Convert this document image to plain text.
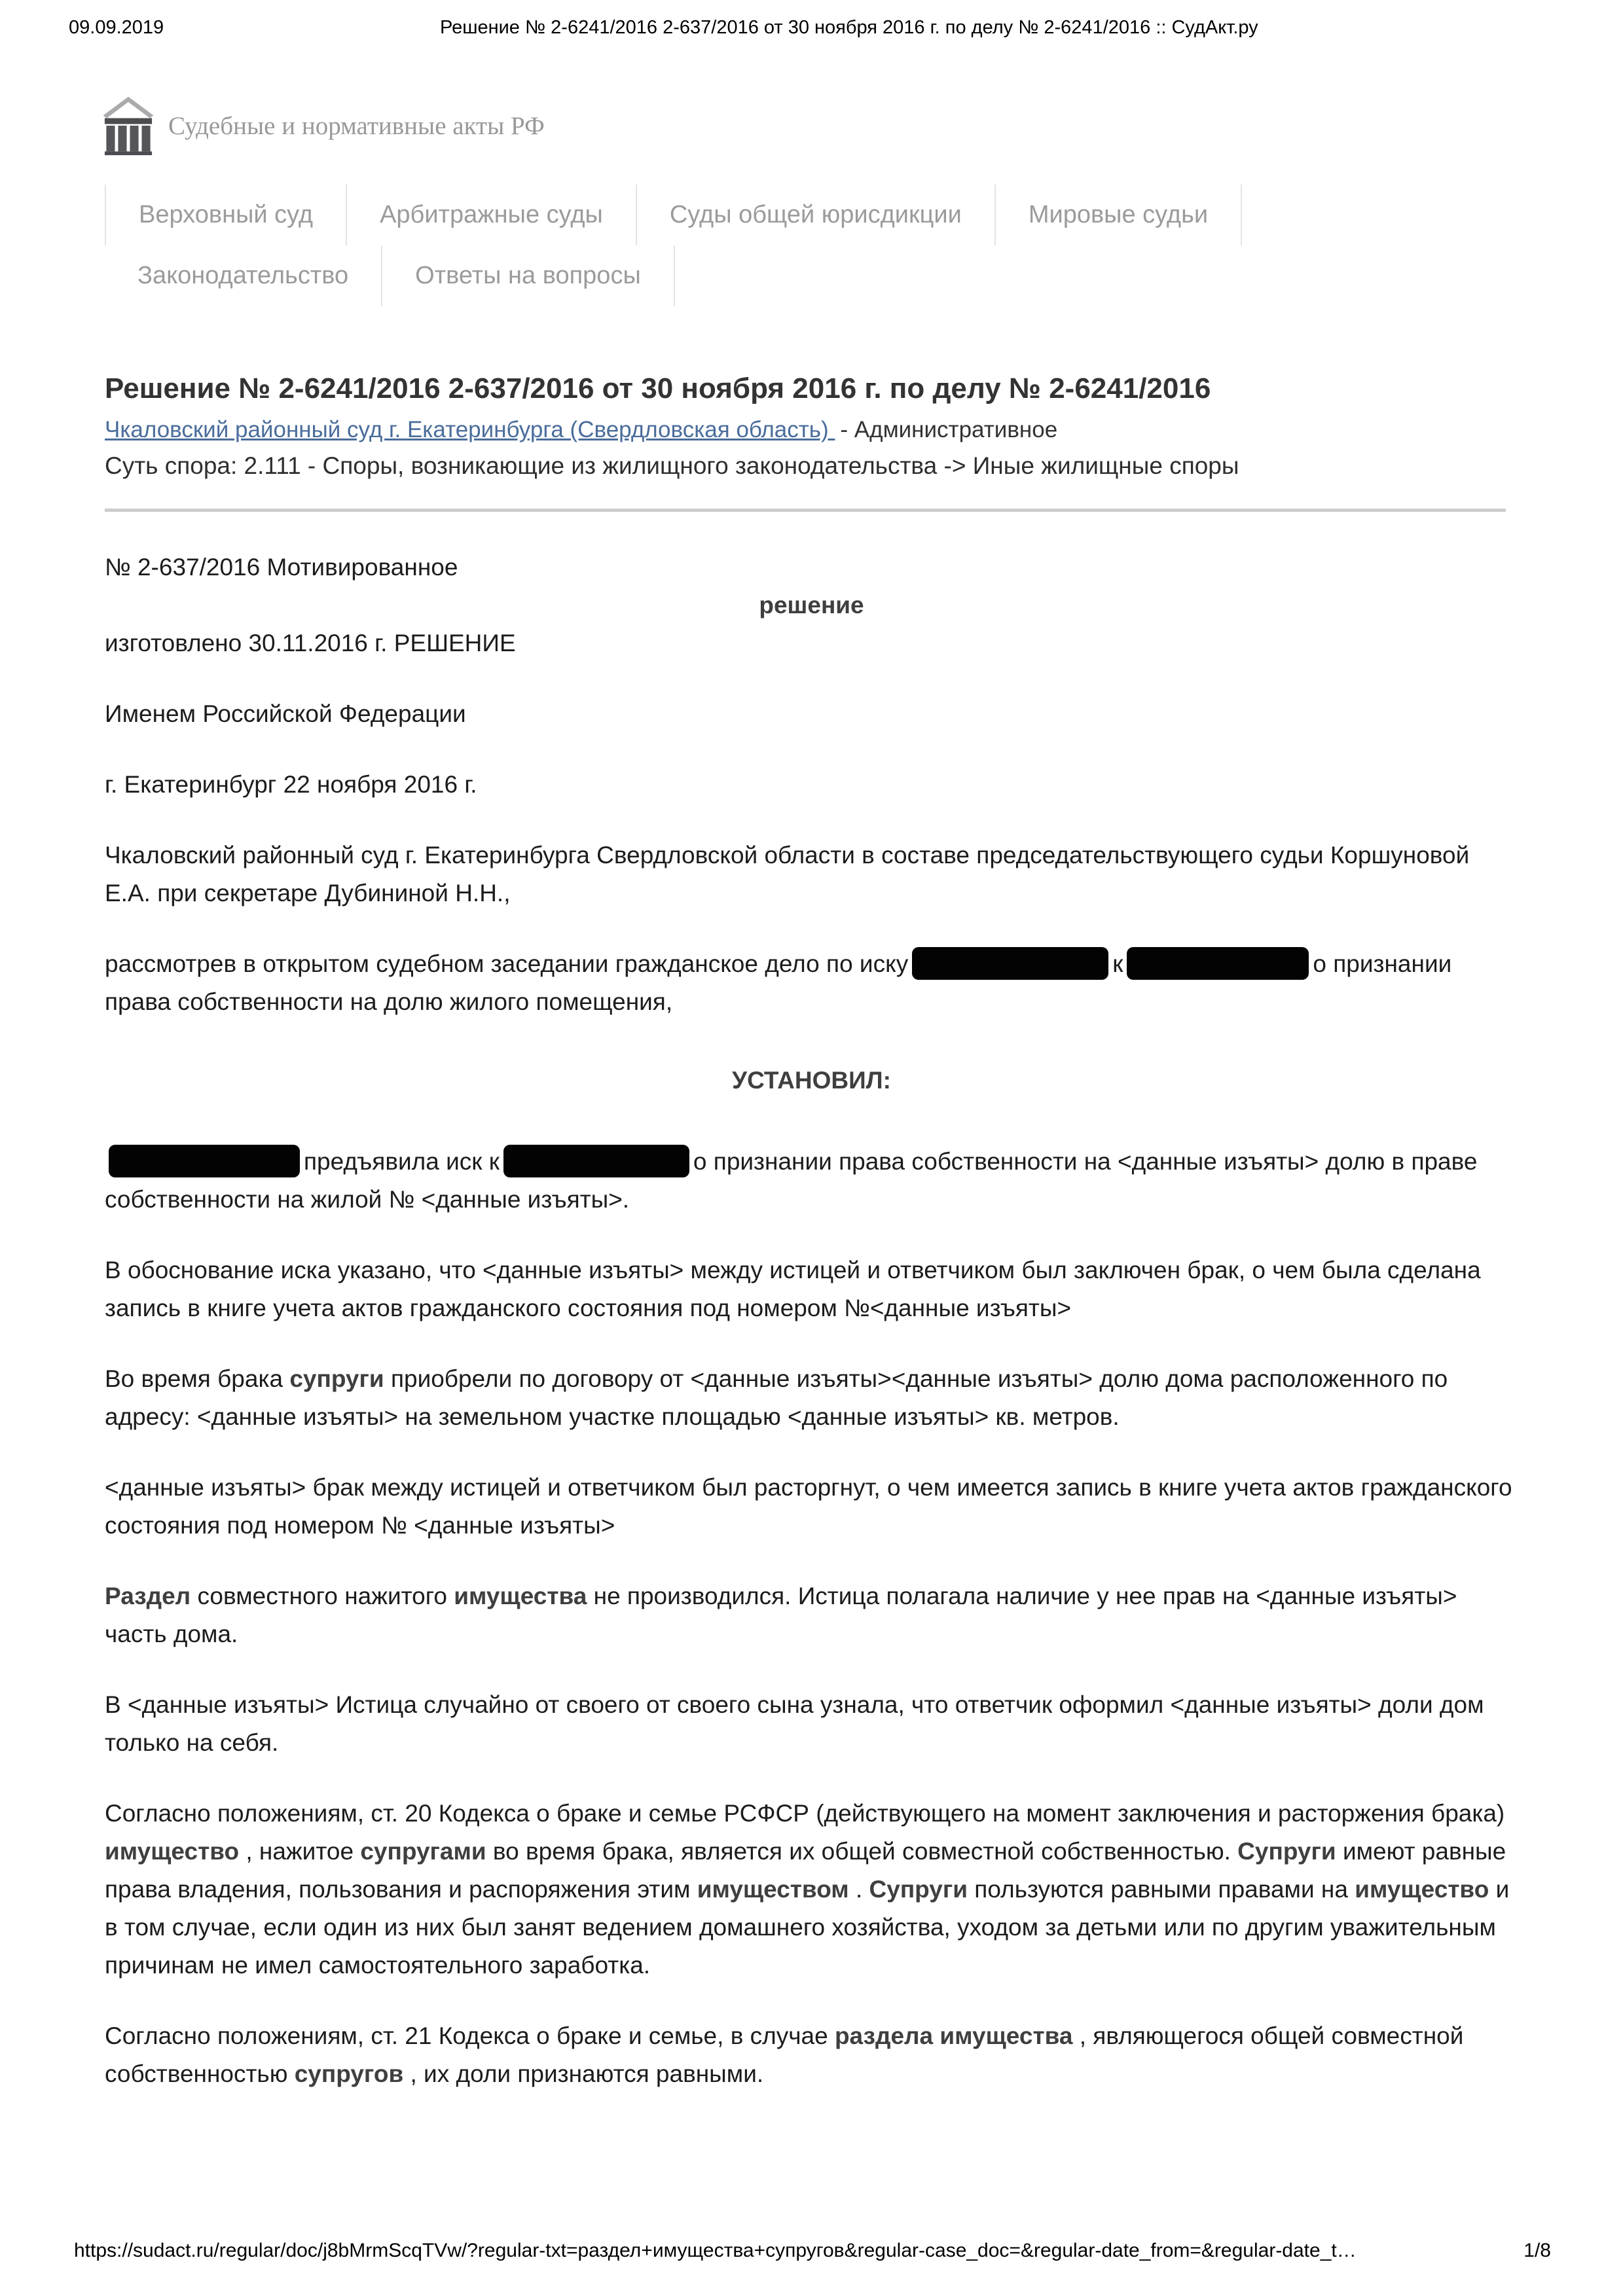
09.09.2019	Решение № 2-6241/2016 2-637/2016 от 30 ноября 2016 г. по делу № 2-6241/2016 :: СудАкт.ру
Судебные и нормативные акты РФ
Верховный суд	Арбитражные суды	Суды общей юрисдикции	Мировые судьи
Законодательство	Ответы на вопросы
Решение № 2-6241/2016 2-637/2016 от 30 ноября 2016 г. по делу № 2-6241/2016
Чкаловский районный суд г. Екатеринбурга (Свердловская область) - Административное
Суть спора: 2.111 - Споры, возникающие из жилищного законодательства -> Иные жилищные споры

№ 2-637/2016 Мотивированное

решение

изготовлено 30.11.2016 г. РЕШЕНИЕ

Именем Российской Федерации

г. Екатеринбург 22 ноября 2016 г.

Чкаловский районный суд г. Екатеринбурга Свердловской области в составе председательствующего судьи Коршуновой Е.А. при секретаре Дубининой Н.Н.,

рассмотрев в открытом судебном заседании гражданское дело по иску	к	о признании права собственности на долю жилого помещения,

УСТАНОВИЛ:

предъявила иск к	о признании права собственности на <данные изъяты> долю в праве собственности на жилой № <данные изъяты>.

В обоснование иска указано, что <данные изъяты> между истицей и ответчиком был заключен брак, о чем была сделана запись в книге учета актов гражданского состояния под номером №<данные изъяты>

Во время брака супруги приобрели по договору от <данные изъяты><данные изъяты> долю дома расположенного по адресу: <данные изъяты> на земельном участке площадью <данные изъяты> кв. метров.

<данные изъяты> брак между истицей и ответчиком был расторгнут, о чем имеется запись в книге учета актов гражданского состояния под номером № <данные изъяты>

Раздел совместного нажитого имущества не производился. Истица полагала наличие у нее прав на <данные изъяты> часть дома.

В <данные изъяты> Истица случайно от своего от своего сына узнала, что ответчик оформил <данные изъяты> доли дом только на себя.

Согласно положениям, ст. 20 Кодекса о браке и семье РСФСР (действующего на момент заключения и расторжения брака) имущество , нажитое супругами во время брака, является их общей совместной собственностью. Супруги имеют равные права владения, пользования и распоряжения этим имуществом . Супруги пользуются равными правами на имущество и в том случае, если один из них был занят ведением домашнего хозяйства, уходом за детьми или по другим уважительным причинам не имел самостоятельного заработка.

Согласно положениям, ст. 21 Кодекса о браке и семье, в случае раздела имущества , являющегося общей совместной собственностью супругов , их доли признаются равными.

https://sudact.ru/regular/doc/j8bMrmScqTVw/?regular-txt=раздел+имущества+супругов&regular-case_doc=&regular-date_from=&regular-date_t…	1/8
